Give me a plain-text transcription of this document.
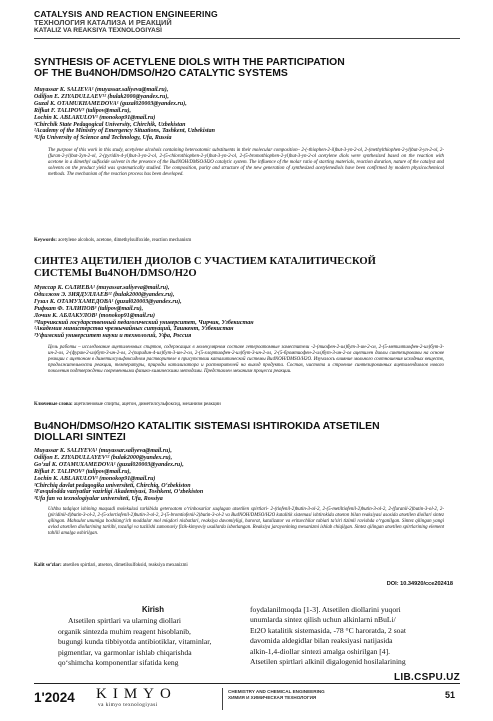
CATALYSIS AND REACTION ENGINEERING
ТЕХНОЛОГИЯ КАТАЛИЗА И РЕАКЦИЙ
KATALIZ VA REAKSIYA TEXNOLOGIYASI
SYNTHESIS OF ACETYLENE DIOLS WITH THE PARTICIPATION
OF THE Bu4NOH/DMSO/H2O CATALYTIC SYSTEMS
Muyassar K. SALIEVA¹ (muyassar.saliyeva@mail.ru),
Odiljon E. ZIYADULLAEV¹² (bulak2000@yandex.ru),
Guzal K. OTAMUKHAMEDOVA¹ (guzal020003@yandex.ru),
Rifkat F. TALIPOV³ (talipov@mail.ru),
Lochin K. ABLAKULOV¹ (monokop91@mail.ru)
¹Chirchik State Pedagogical University, Chirchik, Uzbekistan
²Academy of the Ministry of Emergency Situations, Tashkent, Uzbekistan
³Ufa University of Science and Technology, Ufa, Russia
The purpose of this work in this study, acetylene alcohols containing heteroatomic substituents in their molecular composition– 2-(-thiophen-2-il)but-3-yn-2-ol, 2-(methylthiophen-2-yl)but-3-yn-2-ol, 2-(furan-2-yl)but-3yn-2-ol, 2-(pyridin-4-yl)but-3-yn-2-ol, 2-(5-chlorothiophen-2-yl)but-3-yn-2-ol, 2-(5-bromothiophen-2-yl)but-3-yn-2-ol acetylene diols were synthesized based on the reaction with acetone in a dimethyl sulfoxide solvent in the presence of the Bu4NOH/DMSO/H2O catalytic system. The influence of the molar ratio of starting materials, reaction duration, nature of the catalyst and solvents on the product yield was systematically studied. The composition, purity and structure of the new generation of synthesized acetylenediols have been confirmed by modern physicochemical methods. The mechanism of the reaction process has been developed.
Keywords: acetylene alcohols, acetone, dimethylsulfoxide, reaction mechanism
СИНТЕЗ АЦЕТИЛЕН ДИОЛОВ С УЧАСТИЕМ КАТАЛИТИЧЕСКОЙ
СИСТЕМЫ Bu4NOH/DMSO/H2O
Муяссар К. САЛИЕВА¹ (muyassar.saliyeva@mail.ru),
Одилжон Э. ЗИЯДУЛЛАЕВ¹² (bulak2000@yandex.ru),
Гузал К. ОТАМУХАМЕДОВА¹ (guzal020003@yandex.ru),
Рифкат Ф. ТАЛИПОВ³ (talipov@mail.ru),
Лочин К. АБЛАКУЛОВ¹ (monokop91@mail.ru)
¹Чирчикский государственный педагогический университет, Чирчик, Узбекистан
²Академия министерства чрезвычайных ситуаций, Ташкент, Узбекистан
³Уфимский университет науки и технологий, Уфа, Россия
Цель работы – исследование ацетиленовых спиртов, содержащих в молекулярном составе гетероатомные заместители -2-(тиофен-2-ил)бут-3-ин-2-ол, 2-(5-метилтиофен-2-ил)бут-3-ин-2-ол, 2-(фуран-2-ил)бут-3-ин-2-ол, 2-(пиридин-4-ил)бут-3-ин-2-ол, 2-(5-хлортиофен-2-ил)бут-3-ин-2-ол, 2-(5-бромтиофен-2-ил)бут-3-ин-2-ол ацетилен диолы синтезированы на основе реакции с ацетоном в диметилсульфоксидном растворителе в присутствии каталитической системы Bu4NOH/DMSO/H2O. Изучалось влияние мольного соотношения исходных веществ, продолжительности реакции, температуры, природы катализатора и растворителей на выход продукта. Состав, чистота и строение синтезированных ацетилендиолов нового поколения подтверждены современными физико-химическими методами. Представлен механизм процесса реакции.
Ключевые слова: ацетиленовые спирты, ацетон, диметилсульфоксид, механизм реакции
Bu4NOH/DMSO/H2O KATALITIK SISTEMASI ISHTIROKIDA ATSETILEN
DIOLLARI SINTEZI
Muyassar K. SALIYEVA¹ (muyassar.saliyeva@mail.ru),
Odiljon E. ZIYADULLAYEV¹² (bulak2000@yandex.ru),
Go‘zal K. OTAMUXAMEDOVA¹ (guzal020003@yandex.ru),
Rifkat F. TALIPOV³ (talipov@mail.ru),
Lochin K. ABLAKULOV¹ (monokop91@mail.ru)
¹Chirchiq davlat pedagogika universiteti, Chirchiq, O‘zbekiston
²Favqulodda vaziyatlar vazirligi Akademiyasi, Toshkent, O‘zbekiston
³Ufa fan va texnologiyalar universiteti, Ufa, Rossiya
Ushbu tadqiqot ishining maqsadi molekulasi tarkibida geteroatom o‘rinbosarlar saqlagan atsetilen spirtlari- 2-(tiofenil-2)butin-3-ol-2, 2-(5-metiltiofenil-2)butin-3-ol-2, 2-(furanil-2)butin-3-ol-2, 2-(piridinil-4)butin-3-ol-2, 2-(5-xlortiofenil-2)butin-3-ol-2, 2-(5-bromtiofenil-2)butin-3-ol-2 va Bu4NOH/DMSO/H2O katalitik sistemasi ishtirokida atseton bilan reaksiyasi asosida atsetilen diollari sintez qilingan. Mahsulot unumiga boshlang‘ich moddalar mol miqdori nisbatlari, reaksiya davomiyligi, harorat, katalizator va erituvchilar tabiati ta’siri tizimli ravishda o‘rganilgan. Sintez qilingan yangi avlod atsetilen diollarining tarkibi, tozaligi va tuzilishi zamonaviy fizik-kimyoviy usullarda isbotlangan. Reaksiya jarayonining mexanizmi ishlab chiqilgan. Sintez qilingan atsetilen spirtlarining element tahlili amalga oshirilgan.
Kalit so‘zlar: atsetilen spirtlari, atseton, dimetilsulfoksid, reaksiya mexanizmi
DOI: 10.34920/cce202418
Kirish
Atsetilen spirtlari va ularning diollari
organik sintezda muhim reagent hisoblanib,
bugungi kunda tibbiyotda antibiotiklar, vitaminlar,
pigmentlar, va garmonlar ishlab chiqarishda
qo‘shimcha komponentlar sifatida keng
foydalanilmoqda [1-3]. Atsetilen diollarini yuqori
unumlarda sintez qilish uchun alkinlarni nBuLi/
Et2O katalitik sistemasida, -78 °C haroratda, 2 soat
davomida aldegidlar bilan reaksiyasi natijasida
alkin-1,4-diollar sintezi amalga oshirilgan [4].
Atsetilen spirtlari alkinil digalogenid hosilalarining
LIB.CSPU.UZ
1'2024 KIMYO
va kimyo texnologiyasi
CHEMISTRY AND CHEMICAL ENGINEERING
ХИМИЯ И ХИМИЧЕСКАЯ ТЕХНОЛОГИЯ	51
